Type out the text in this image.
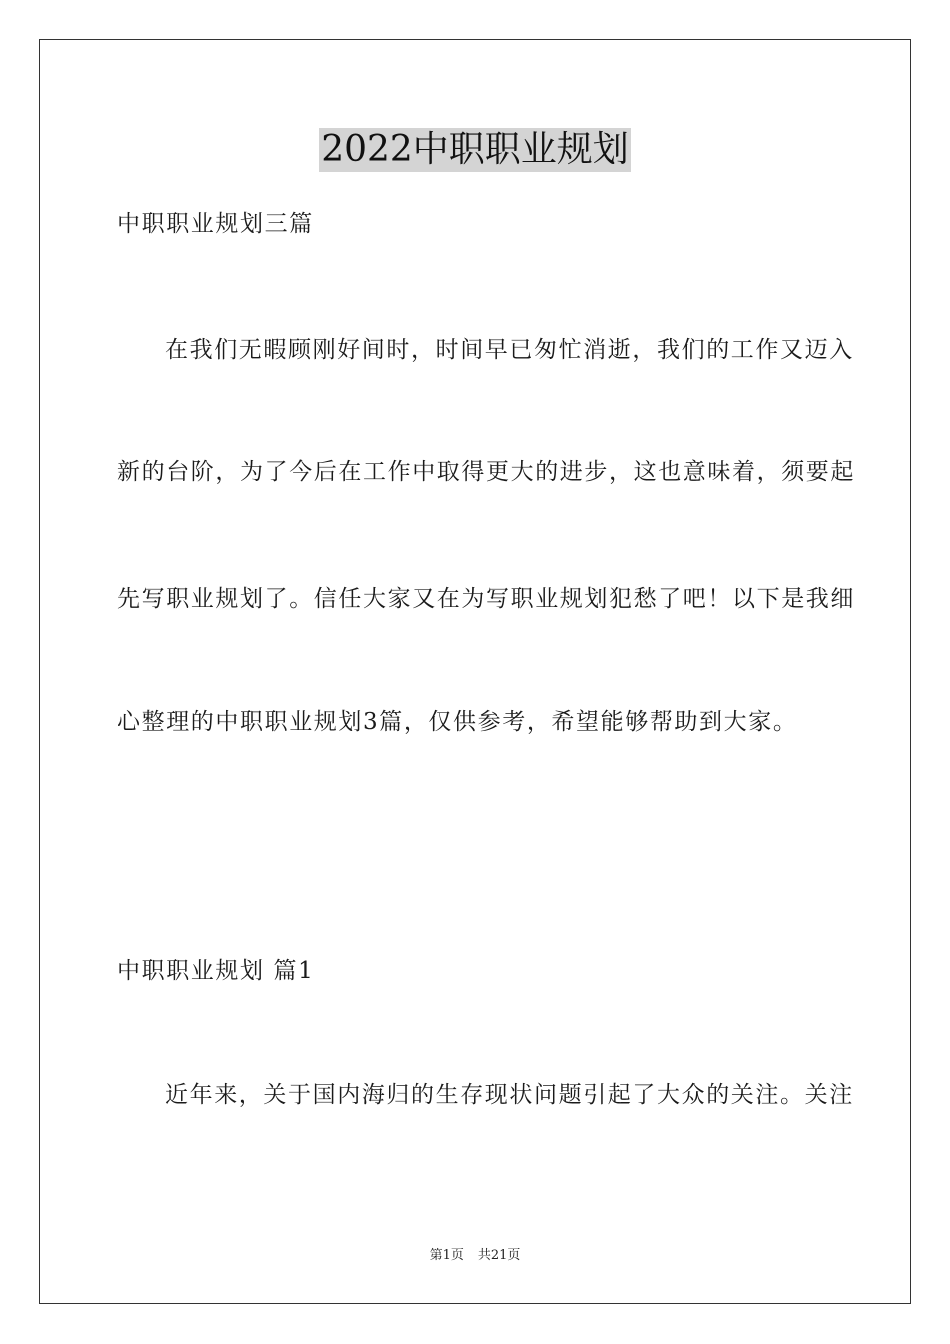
2022中职职业规划
中职职业规划三篇
在我们无暇顾刚好间时，时间早已匆忙消逝，我们的工作又迈入
新的台阶，为了今后在工作中取得更大的进步，这也意味着，须要起
先写职业规划了。信任大家又在为写职业规划犯愁了吧！以下是我细
心整理的中职职业规划3篇，仅供参考，希望能够帮助到大家。
中职职业规划 篇1
近年来，关于国内海归的生存现状问题引起了大众的关注。关注
第1页 共21页
